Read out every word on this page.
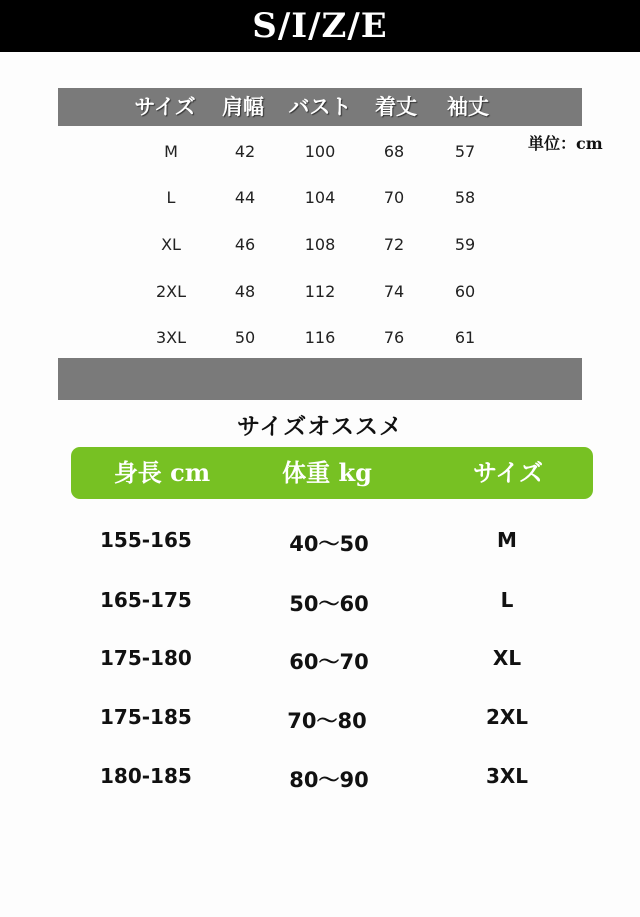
S/I/Z/E
サイズ 肩幅 バスト 着丈 袖丈
単位：cm
M	42	100	68	57
L	44	104	70	58
XL	46	108	72	59
2XL	48	112	74	60
3XL	50	116	76	61
サイズオススメ
身長 cm	体重 kg	サイズ
155-165	40～50	M
165-175	50～60	L
175-180	60～70	XL
175-185	70～80	2XL
180-185	80～90	3XL
